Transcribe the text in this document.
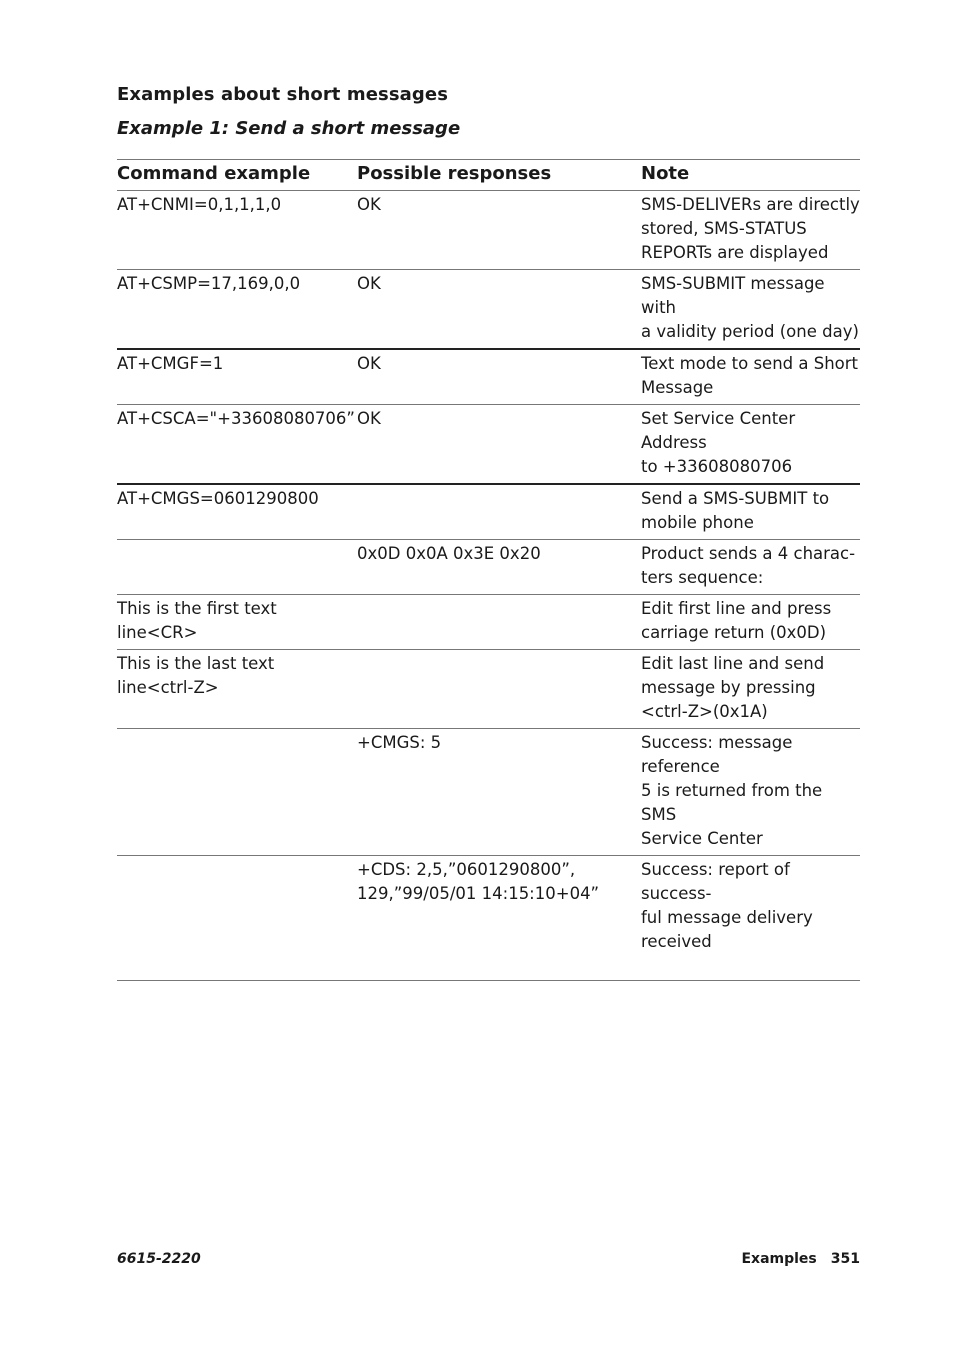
Examples about short messages
Example 1: Send a short message
Command example	Possible responses	Note
AT+CNMI=0,1,1,1,0	OK	SMS-DELIVERs are directly
stored, SMS-STATUS
REPORTs are displayed
AT+CSMP=17,169,0,0	OK	SMS-SUBMIT message with
a validity period (one day)
AT+CMGF=1	OK	Text mode to send a Short
Message
AT+CSCA="+33608080706”	OK	Set Service Center Address
to +33608080706
AT+CMGS=0601290800		Send a SMS-SUBMIT to
mobile phone
	0x0D 0x0A 0x3E 0x20	Product sends a 4 charac-
ters sequence:
This is the first text
line<CR>		Edit first line and press
carriage return (0x0D)
This is the last text
line<ctrl-Z>		Edit last line and send
message by pressing
<ctrl-Z>(0x1A)
	+CMGS: 5	Success: message reference
5 is returned from the SMS
Service Center
	+CDS: 2,5,”0601290800”,
129,”99/05/01 14:15:10+04”	Success: report of success-
ful message delivery
received
6615-2220	Examples 351
